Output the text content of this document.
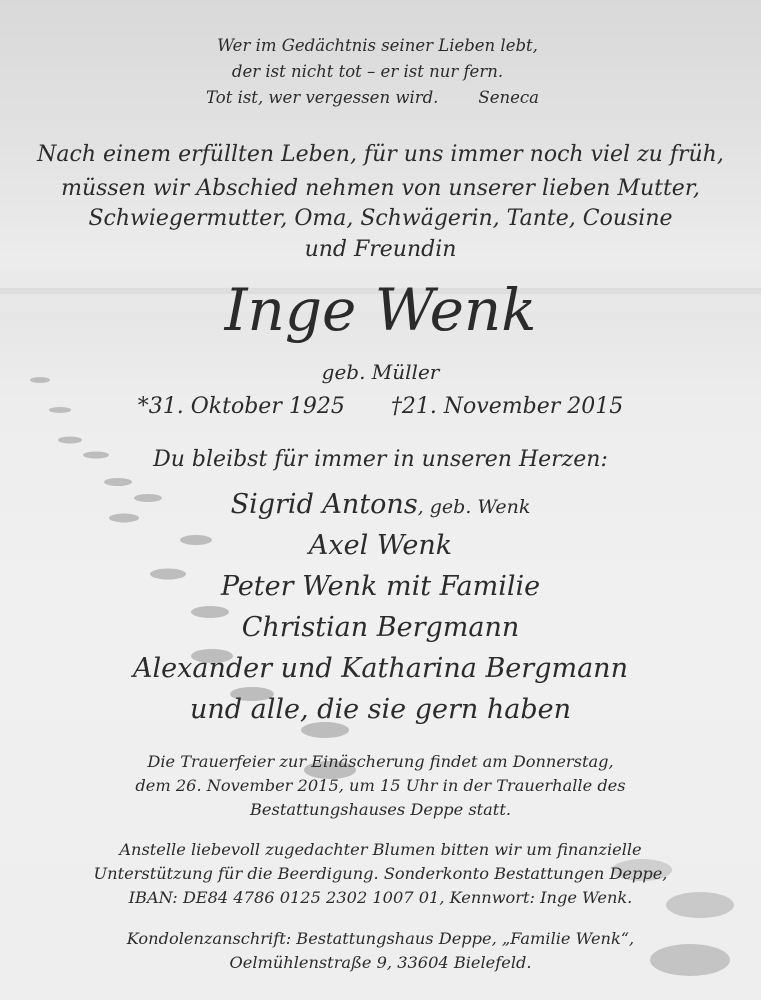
Wer im Gedächtnis seiner Lieben lebt,
der ist nicht tot – er ist nur fern.
Tot ist, wer vergessen wird. Seneca
Nach einem erfüllten Leben, für uns immer noch viel zu früh,
müssen wir Abschied nehmen von unserer lieben Mutter,
Schwiegermutter, Oma, Schwägerin, Tante, Cousine
und Freundin
Inge Wenk
geb. Müller
*31. Oktober 1925 †21. November 2015
Du bleibst für immer in unseren Herzen:
Sigrid Antons, geb. Wenk
Axel Wenk
Peter Wenk mit Familie
Christian Bergmann
Alexander und Katharina Bergmann
und alle, die sie gern haben
Die Trauerfeier zur Einäscherung findet am Donnerstag,
dem 26. November 2015, um 15 Uhr in der Trauerhalle des
Bestattungshauses Deppe statt.
Anstelle liebevoll zugedachter Blumen bitten wir um finanzielle
Unterstützung für die Beerdigung. Sonderkonto Bestattungen Deppe,
IBAN: DE84 4786 0125 2302 1007 01, Kennwort: Inge Wenk.
Kondolenzanschrift: Bestattungshaus Deppe, „Familie Wenk“,
Oelmühlenstraße 9, 33604 Bielefeld.
